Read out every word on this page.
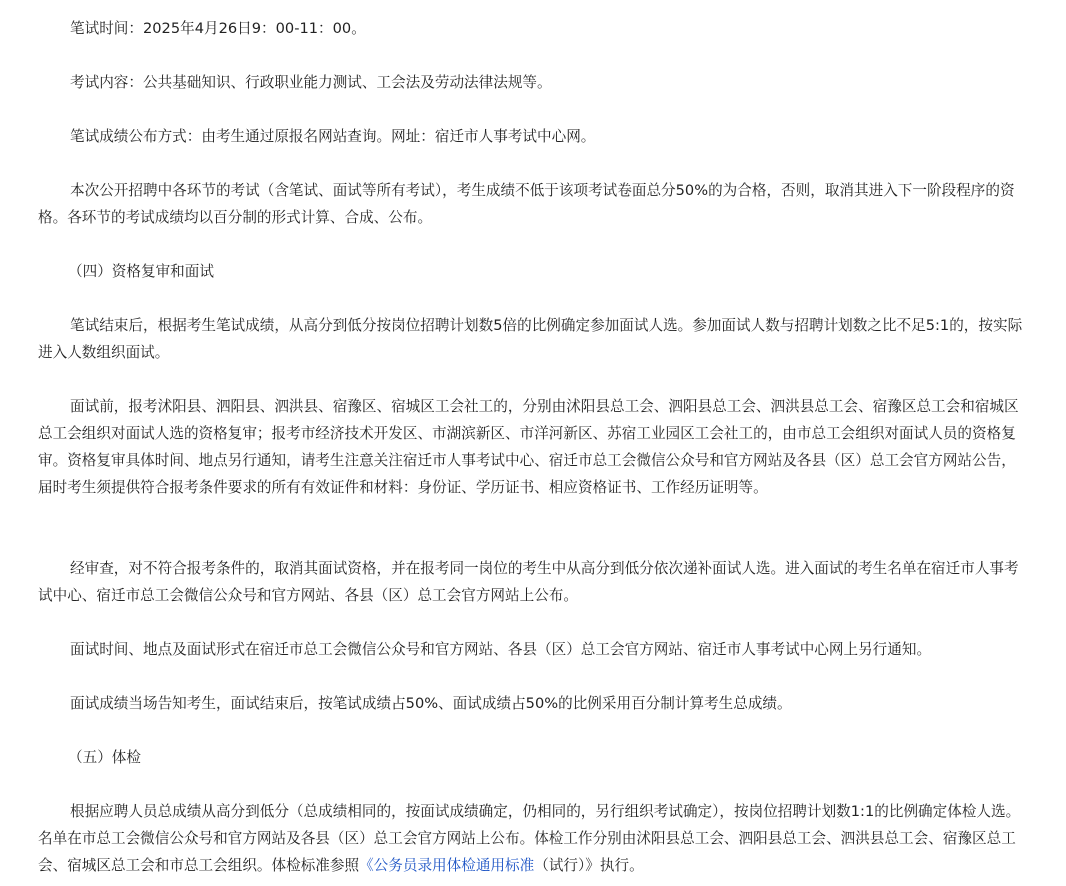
笔试时间：2025年4月26日9：00-11：00。

考试内容：公共基础知识、行政职业能力测试、工会法及劳动法律法规等。

笔试成绩公布方式：由考生通过原报名网站查询。网址：宿迁市人事考试中心网。

本次公开招聘中各环节的考试（含笔试、面试等所有考试），考生成绩不低于该项考试卷面总分50%的为合格，否则，取消其进入下一阶段程序的资格。各环节的考试成绩均以百分制的形式计算、合成、公布。

（四）资格复审和面试

笔试结束后，根据考生笔试成绩，从高分到低分按岗位招聘计划数5倍的比例确定参加面试人选。参加面试人数与招聘计划数之比不足5:1的，按实际进入人数组织面试。

面试前，报考沭阳县、泗阳县、泗洪县、宿豫区、宿城区工会社工的，分别由沭阳县总工会、泗阳县总工会、泗洪县总工会、宿豫区总工会和宿城区总工会组织对面试人选的资格复审；报考市经济技术开发区、市湖滨新区、市洋河新区、苏宿工业园区工会社工的，由市总工会组织对面试人员的资格复审。资格复审具体时间、地点另行通知，请考生注意关注宿迁市人事考试中心、宿迁市总工会微信公众号和官方网站及各县（区）总工会官方网站公告，届时考生须提供符合报考条件要求的所有有效证件和材料：身份证、学历证书、相应资格证书、工作经历证明等。

经审查，对不符合报考条件的，取消其面试资格，并在报考同一岗位的考生中从高分到低分依次递补面试人选。进入面试的考生名单在宿迁市人事考试中心、宿迁市总工会微信公众号和官方网站、各县（区）总工会官方网站上公布。

面试时间、地点及面试形式在宿迁市总工会微信公众号和官方网站、各县（区）总工会官方网站、宿迁市人事考试中心网上另行通知。

面试成绩当场告知考生，面试结束后，按笔试成绩占50%、面试成绩占50%的比例采用百分制计算考生总成绩。

（五）体检

根据应聘人员总成绩从高分到低分（总成绩相同的，按面试成绩确定，仍相同的，另行组织考试确定），按岗位招聘计划数1:1的比例确定体检人选。名单在市总工会微信公众号和官方网站及各县（区）总工会官方网站上公布。体检工作分别由沭阳县总工会、泗阳县总工会、泗洪县总工会、宿豫区总工会、宿城区总工会和市总工会组织。体检标准参照《公务员录用体检通用标准（试行）》执行。
